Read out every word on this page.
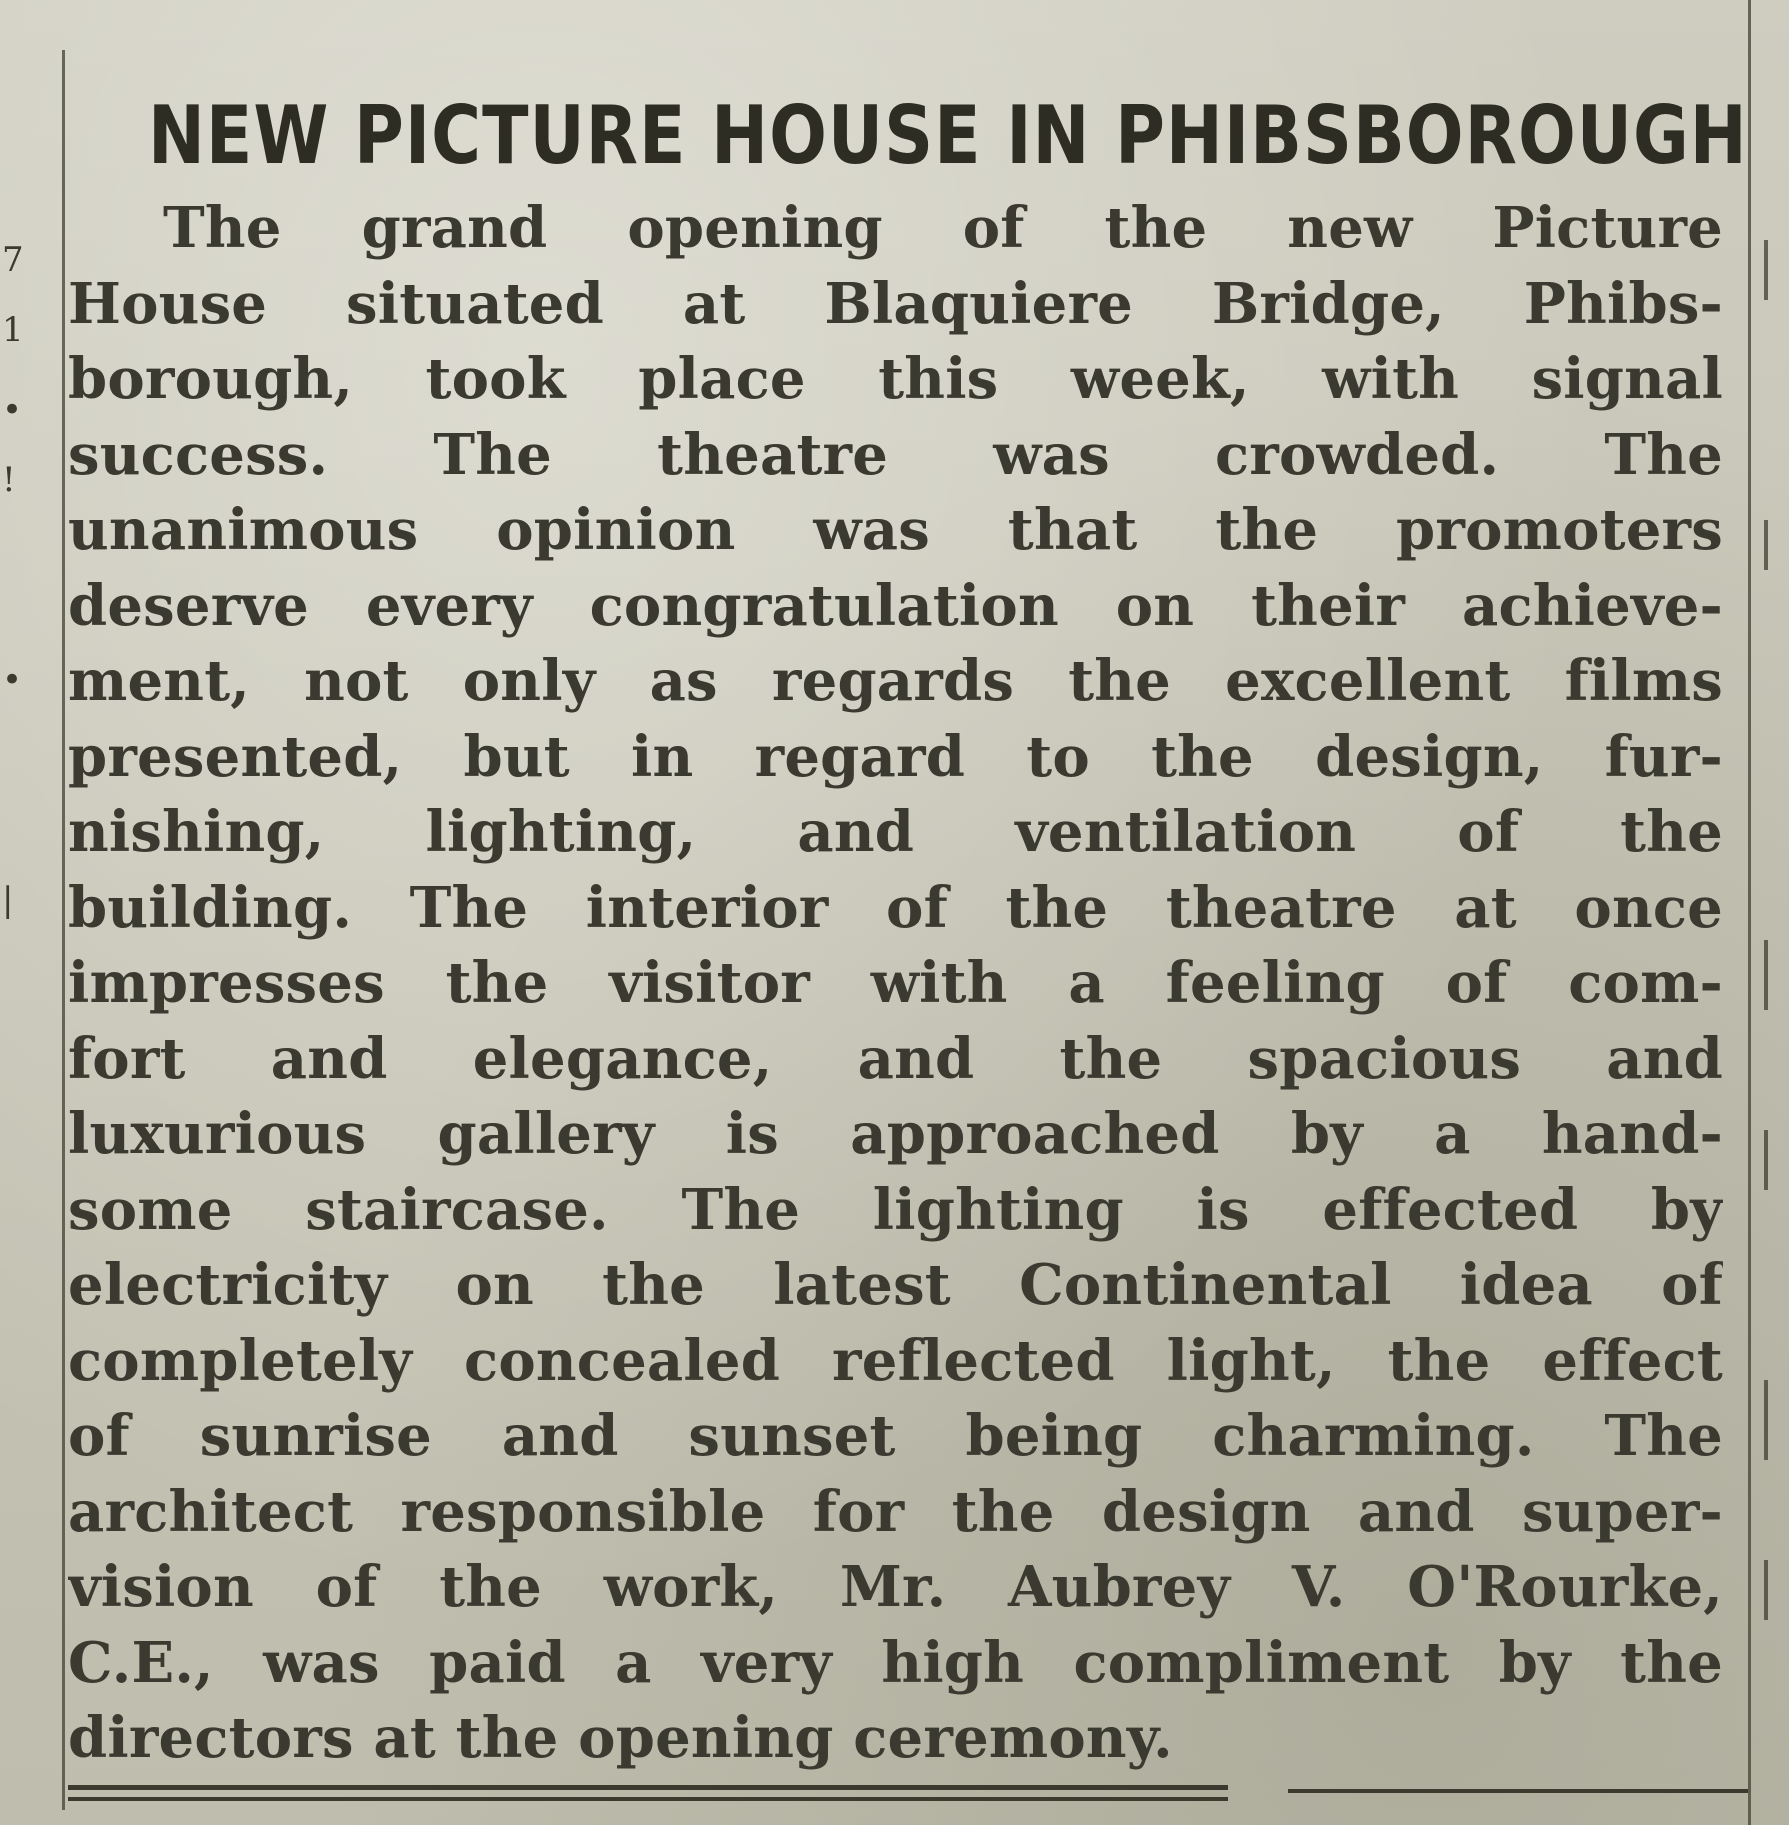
7
1
•
!
•
|
NEW PICTURE HOUSE IN PHIBSBOROUGH
The grand opening of the new Picture
House situated at Blaquiere Bridge, Phibs-
borough, took place this week, with signal
success. The theatre was crowded. The
unanimous opinion was that the promoters
deserve every congratulation on their achieve-
ment, not only as regards the excellent films
presented, but in regard to the design, fur-
nishing, lighting, and ventilation of the
building. The interior of the theatre at once
impresses the visitor with a feeling of com-
fort and elegance, and the spacious and
luxurious gallery is approached by a hand-
some staircase. The lighting is effected by
electricity on the latest Continental idea of
completely concealed reflected light, the effect
of sunrise and sunset being charming. The
architect responsible for the design and super-
vision of the work, Mr. Aubrey V. O'Rourke,
C.E., was paid a very high compliment by the
directors at the opening ceremony.
